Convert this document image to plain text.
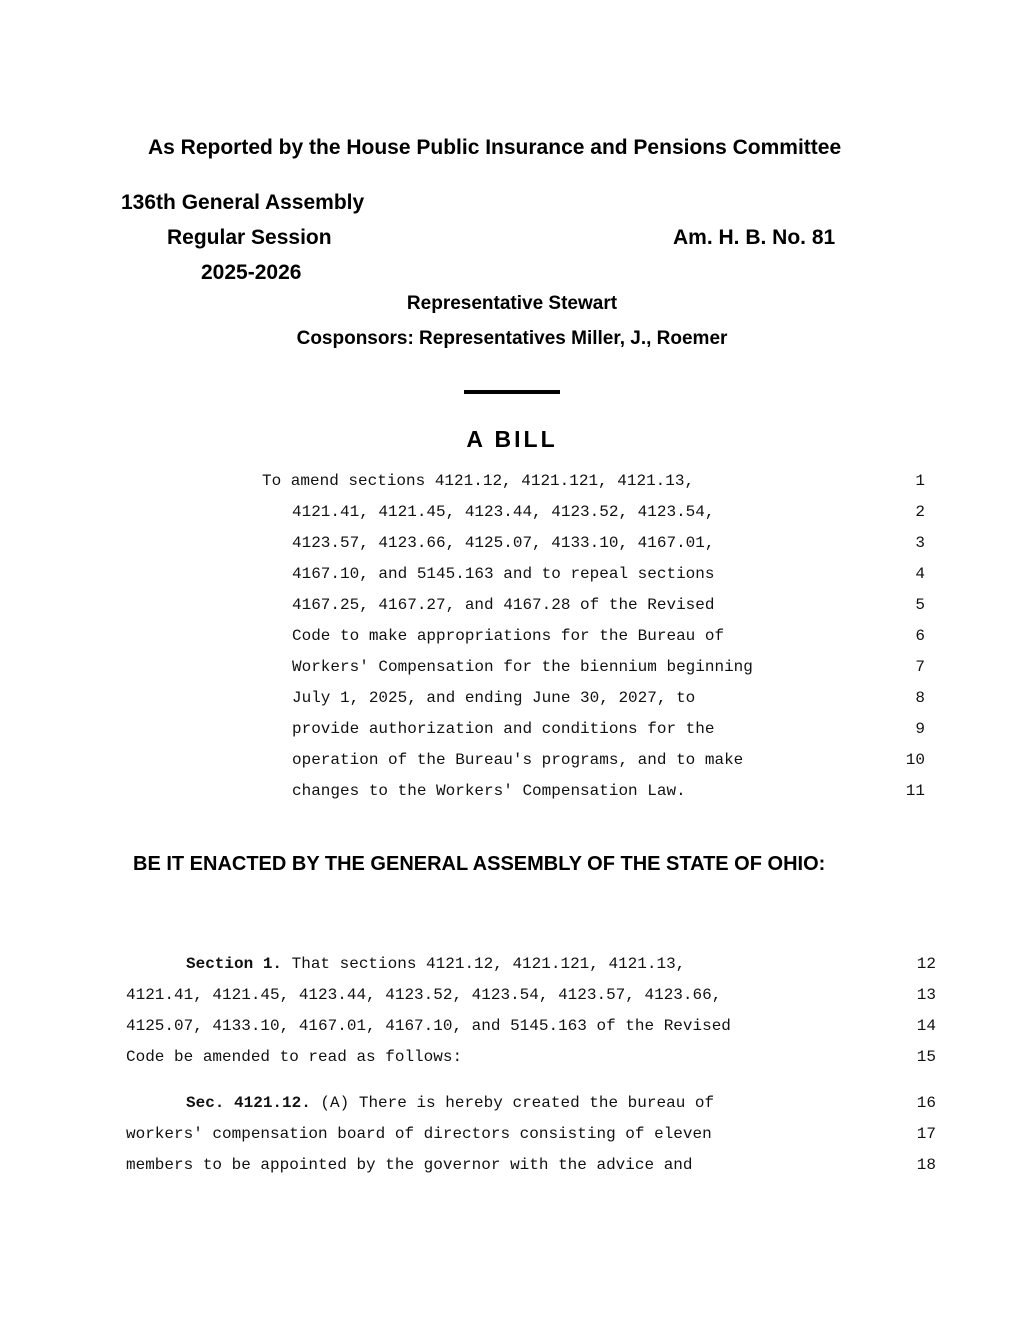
As Reported by the House Public Insurance and Pensions Committee
136th General Assembly
Regular Session	Am. H. B. No. 81
2025-2026
Representative Stewart
Cosponsors: Representatives Miller, J., Roemer
A BILL
To amend sections 4121.12, 4121.121, 4121.13,	1
4121.41, 4121.45, 4123.44, 4123.52, 4123.54,	2
4123.57, 4123.66, 4125.07, 4133.10, 4167.01,	3
4167.10, and 5145.163 and to repeal sections	4
4167.25, 4167.27, and 4167.28 of the Revised	5
Code to make appropriations for the Bureau of	6
Workers' Compensation for the biennium beginning	7
July 1, 2025, and ending June 30, 2027, to	8
provide authorization and conditions for the	9
operation of the Bureau's programs, and to make	10
changes to the Workers' Compensation Law.	11
BE IT ENACTED BY THE GENERAL ASSEMBLY OF THE STATE OF OHIO:
Section 1. That sections 4121.12, 4121.121, 4121.13,	12
4121.41, 4121.45, 4123.44, 4123.52, 4123.54, 4123.57, 4123.66,	13
4125.07, 4133.10, 4167.01, 4167.10, and 5145.163 of the Revised	14
Code be amended to read as follows:	15
Sec. 4121.12. (A) There is hereby created the bureau of	16
workers' compensation board of directors consisting of eleven	17
members to be appointed by the governor with the advice and	18
